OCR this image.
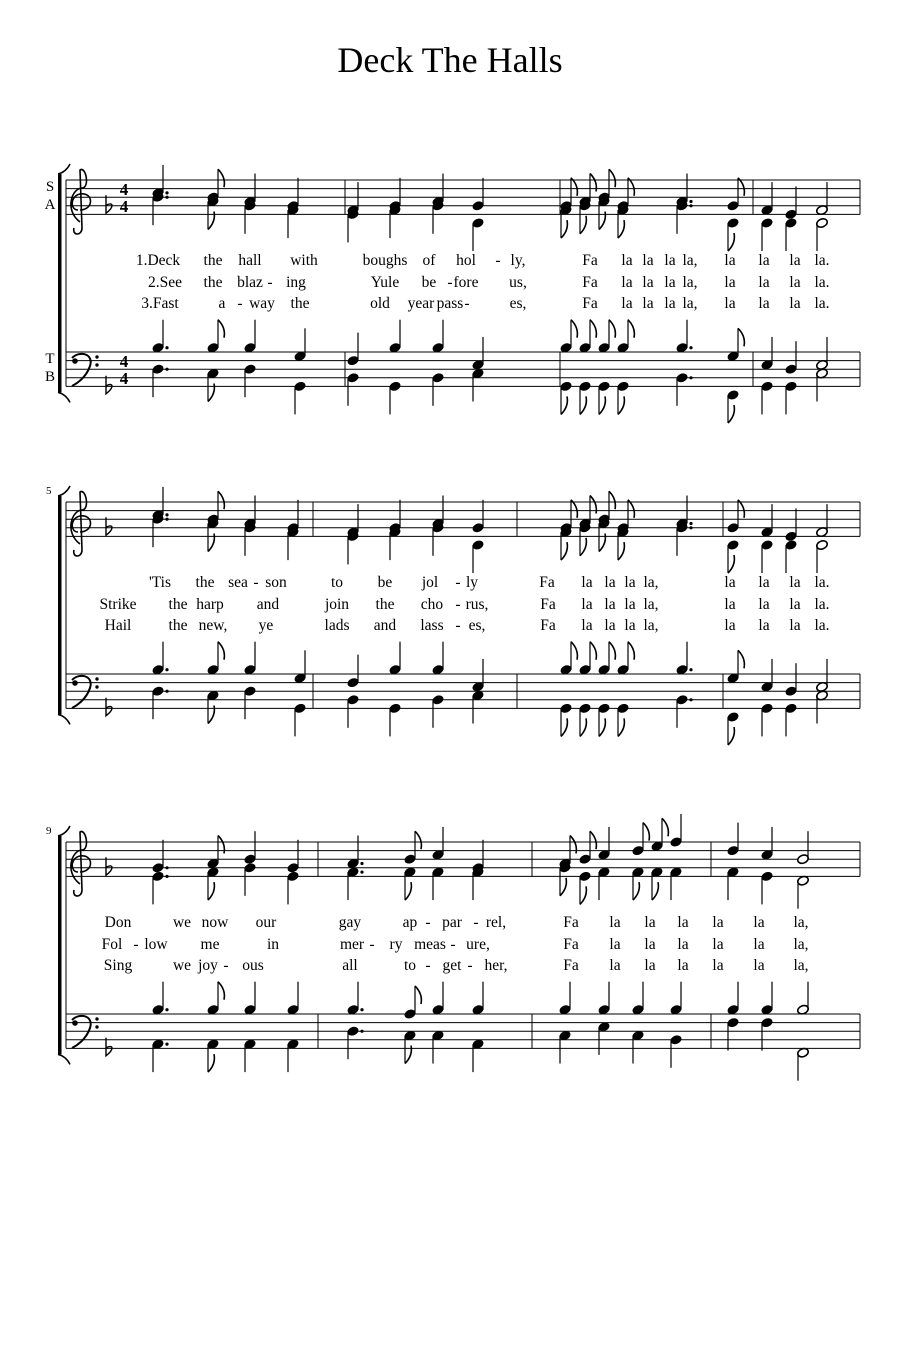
Deck The Halls
4
4
4
4
S
A
T
B
1.Deck the hall with	boughs of hol - ly,	Fa la la la la, la la la la.
2.See the blaz - ing	Yule be - fore us,	Fa la la la la, la la la la.
3.Fast	a - way the	old year pass -	es,	Fa la la la la, la la la la.
5
'Tis the sea - son	to be jol - ly	Fa la la la la,	la la la la.
Strike the harp and	join the cho - rus,	Fa la la la la,	la la la la.
Hail the new, ye	lads and lass - es,	Fa la la la la,	la la la la.
9
Don	we now our	gay	ap - par - rel,	Fa la la la la la la,
Fol - low me	in	mer - ry meas - ure,	Fa la la la la la la,
Sing	we joy - ous	all	to - get - her,	Fa la la la la la la,
